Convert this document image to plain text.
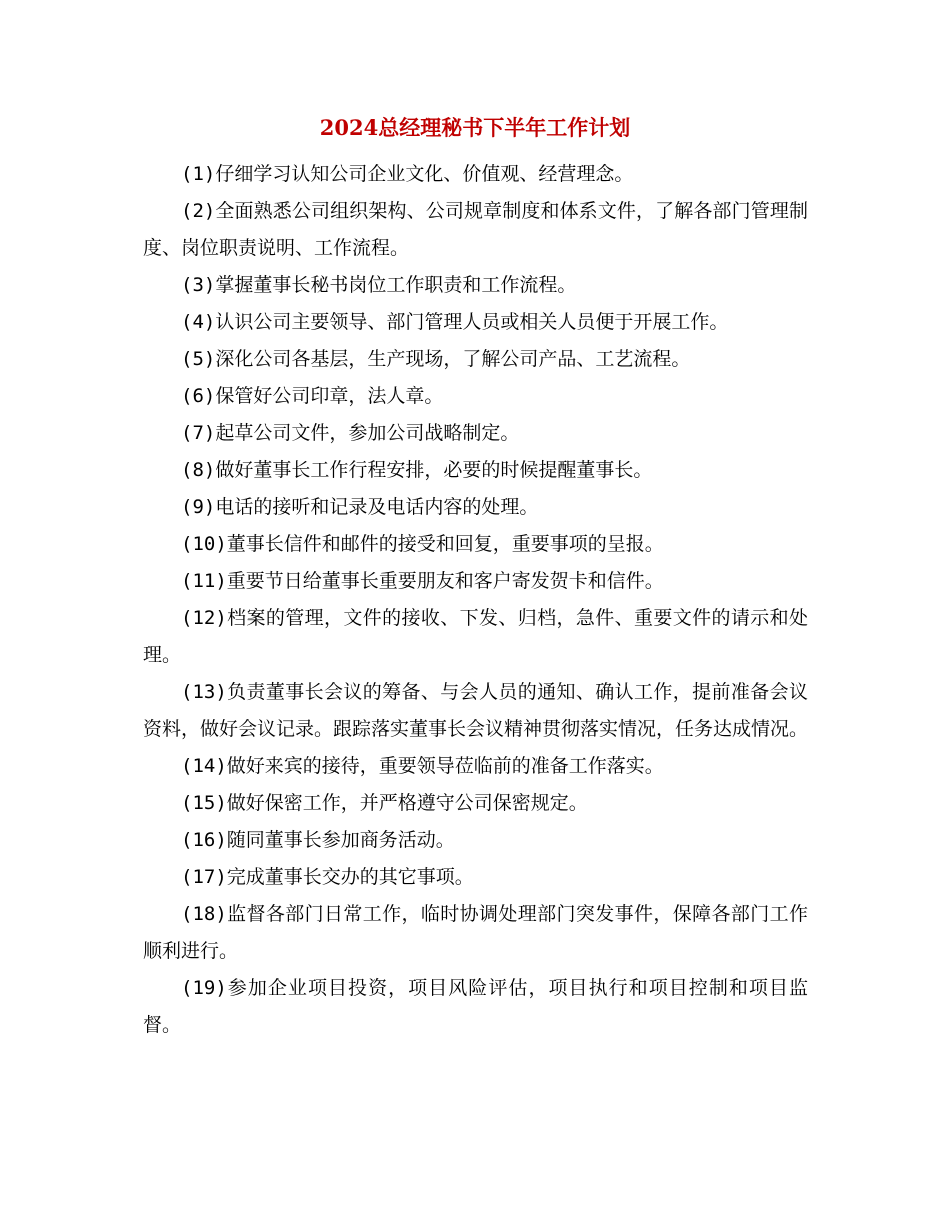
2024总经理秘书下半年工作计划

(1)仔细学习认知公司企业文化、价值观、经营理念。

(2)全面熟悉公司组织架构、公司规章制度和体系文件，了解各部门管理制度、岗位职责说明、工作流程。

(3)掌握董事长秘书岗位工作职责和工作流程。

(4)认识公司主要领导、部门管理人员或相关人员便于开展工作。

(5)深化公司各基层，生产现场，了解公司产品、工艺流程。

(6)保管好公司印章，法人章。

(7)起草公司文件，参加公司战略制定。

(8)做好董事长工作行程安排，必要的时候提醒董事长。

(9)电话的接听和记录及电话内容的处理。

(10)董事长信件和邮件的接受和回复，重要事项的呈报。

(11)重要节日给董事长重要朋友和客户寄发贺卡和信件。

(12)档案的管理，文件的接收、下发、归档，急件、重要文件的请示和处理。

(13)负责董事长会议的筹备、与会人员的通知、确认工作，提前准备会议资料，做好会议记录。跟踪落实董事长会议精神贯彻落实情况，任务达成情况。

(14)做好来宾的接待，重要领导莅临前的准备工作落实。

(15)做好保密工作，并严格遵守公司保密规定。

(16)随同董事长参加商务活动。

(17)完成董事长交办的其它事项。

(18)监督各部门日常工作，临时协调处理部门突发事件，保障各部门工作顺利进行。

(19)参加企业项目投资，项目风险评估，项目执行和项目控制和项目监督。
